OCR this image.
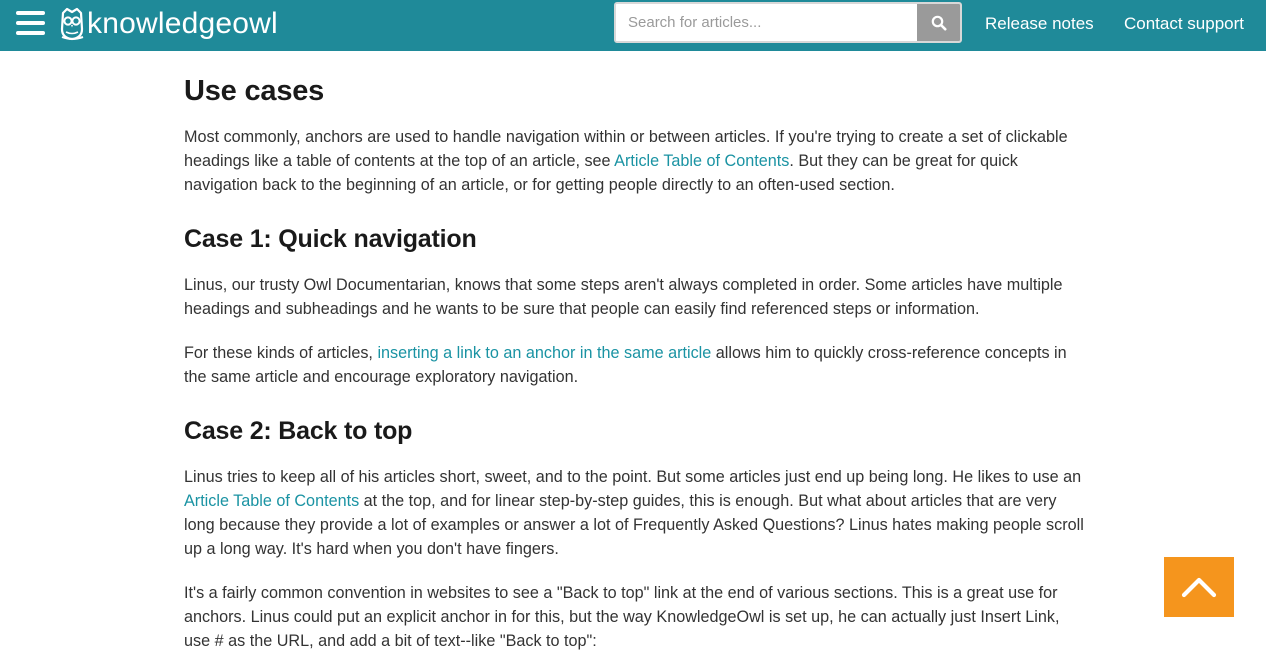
knowledgeowl
Search for articles...	Release notes Contact support
Use cases

Most commonly, anchors are used to handle navigation within or between articles. If you're trying to create a set of clickable headings like a table of contents at the top of an article, see Article Table of Contents. But they can be great for quick navigation back to the beginning of an article, or for getting people directly to an often-used section.

Case 1: Quick navigation

Linus, our trusty Owl Documentarian, knows that some steps aren't always completed in order. Some articles have multiple headings and subheadings and he wants to be sure that people can easily find referenced steps or information.

For these kinds of articles, inserting a link to an anchor in the same article allows him to quickly cross-reference concepts in the same article and encourage exploratory navigation.

Case 2: Back to top

Linus tries to keep all of his articles short, sweet, and to the point. But some articles just end up being long. He likes to use an Article Table of Contents at the top, and for linear step-by-step guides, this is enough. But what about articles that are very long because they provide a lot of examples or answer a lot of Frequently Asked Questions? Linus hates making people scroll up a long way. It's hard when you don't have fingers.

It's a fairly common convention in websites to see a "Back to top" link at the end of various sections. This is a great use for anchors. Linus could put an explicit anchor in for this, but the way KnowledgeOwl is set up, he can actually just Insert Link, use # as the URL, and add a bit of text--like "Back to top":
